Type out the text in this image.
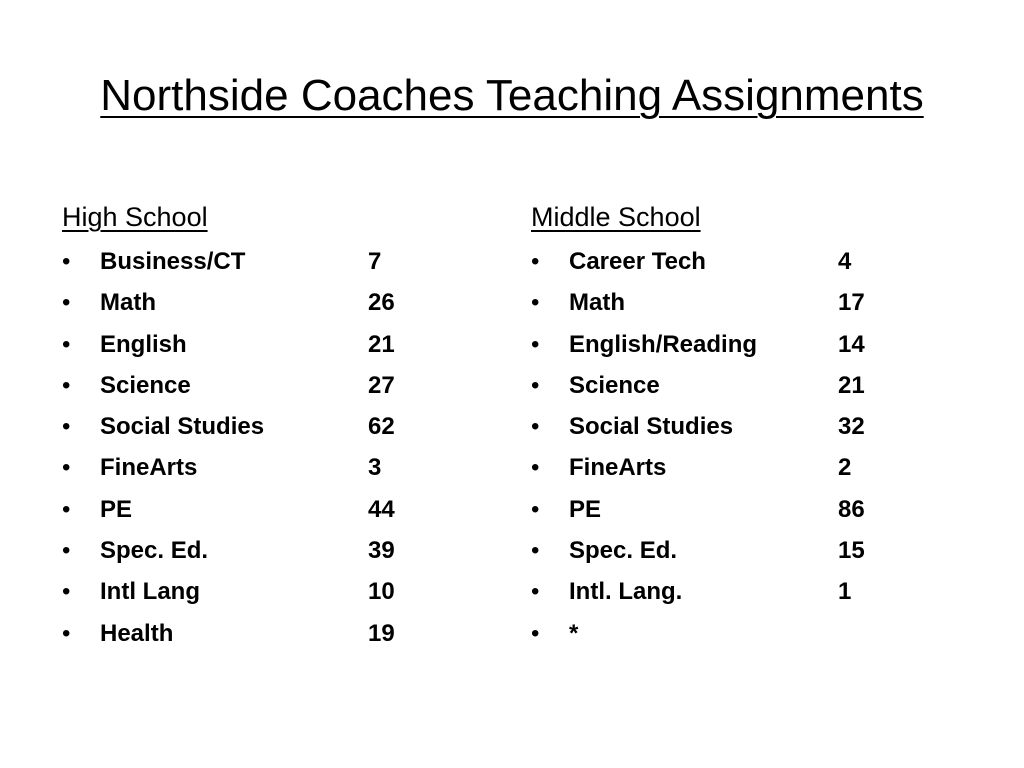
Northside Coaches Teaching Assignments
High School
• Business/CT	7
• Math	26
• English	21
• Science	27
• Social Studies	62
• FineArts	3
• PE	44
• Spec. Ed.	39
• Intl Lang	10
• Health	19
Middle School
• Career Tech	4
• Math	17
• English/Reading	14
• Science	21
• Social Studies	32
• FineArts	2
• PE	86
• Spec. Ed.	15
• Intl. Lang.	1
• *
